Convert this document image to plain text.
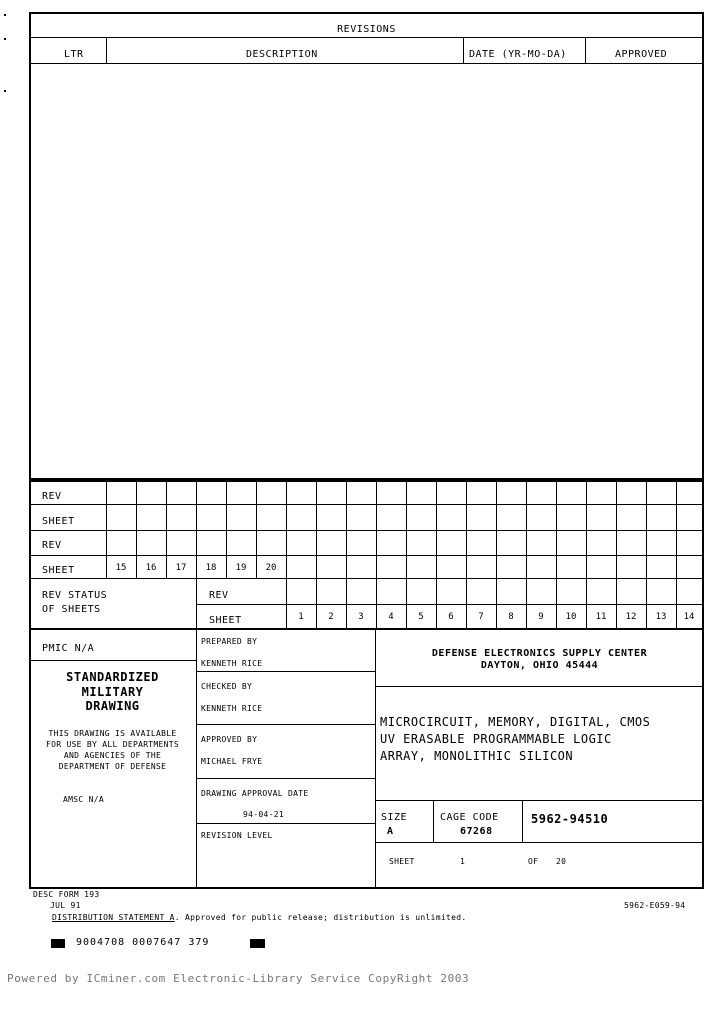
REVISIONS
LTR	DESCRIPTION	DATE (YR-MO-DA)	APPROVED
REV
SHEET
REV
SHEET	15	16	17	18	19	20
REV STATUS
OF SHEETS
REV
SHEET	1	2	3	4	5	6	7	8	9	10	11	12	13	14
PMIC N/A
STANDARDIZED
MILITARY
DRAWING
THIS DRAWING IS AVAILABLE
FOR USE BY ALL DEPARTMENTS
AND AGENCIES OF THE
DEPARTMENT OF DEFENSE
AMSC N/A
PREPARED BY
KENNETH RICE
CHECKED BY
KENNETH RICE
APPROVED BY
MICHAEL FRYE
DRAWING APPROVAL DATE
94-04-21
REVISION LEVEL
DEFENSE ELECTRONICS SUPPLY CENTER
DAYTON, OHIO 45444
MICROCIRCUIT, MEMORY, DIGITAL, CMOS
UV ERASABLE PROGRAMMABLE LOGIC
ARRAY, MONOLITHIC SILICON
SIZE
A
CAGE CODE
67268
5962-94510
SHEET	1	OF 20
DESC FORM 193
JUL 91	5962-E059-94
DISTRIBUTION STATEMENT A. Approved for public release; distribution is unlimited.
9004708 0007647 379
Powered by ICminer.com Electronic-Library Service CopyRight 2003
